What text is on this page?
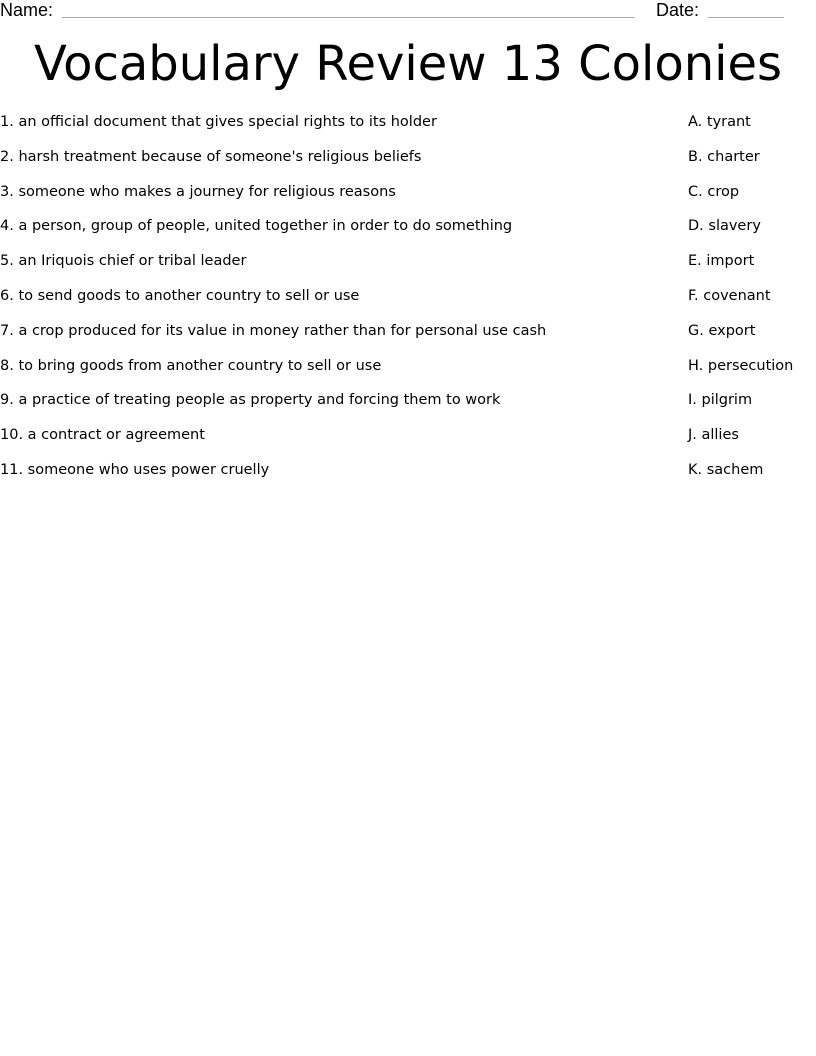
Name:	Date:
Vocabulary Review 13 Colonies
1. an official document that gives special rights to its holder
2. harsh treatment because of someone's religious beliefs
3. someone who makes a journey for religious reasons
4. a person, group of people, united together in order to do something
5. an Iriquois chief or tribal leader
6. to send goods to another country to sell or use
7. a crop produced for its value in money rather than for personal use cash
8. to bring goods from another country to sell or use
9. a practice of treating people as property and forcing them to work
10. a contract or agreement
11. someone who uses power cruelly
A. tyrant
B. charter
C. crop
D. slavery
E. import
F. covenant
G. export
H. persecution
I. pilgrim
J. allies
K. sachem
